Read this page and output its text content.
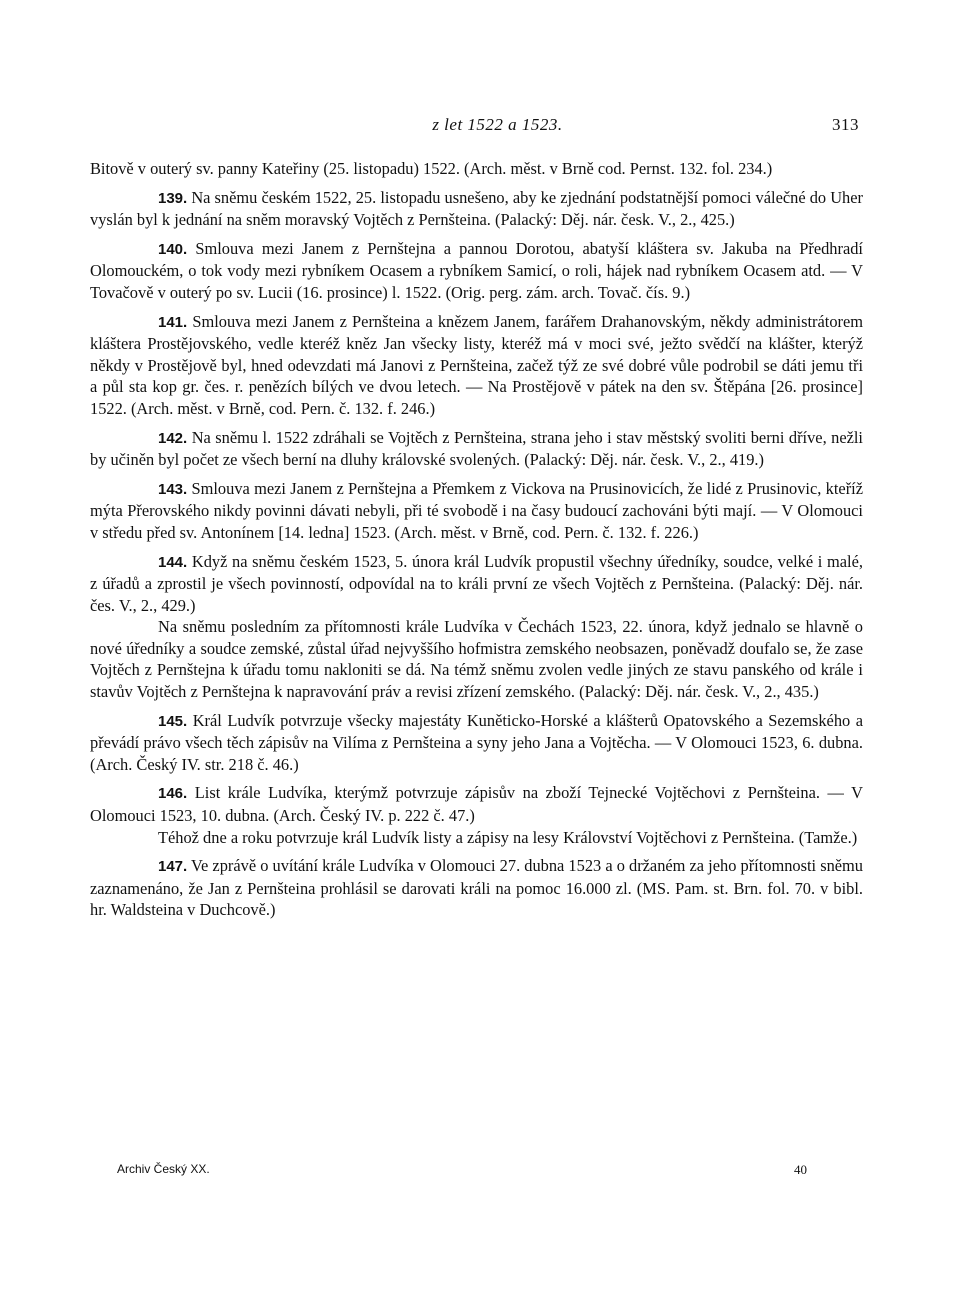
z let 1522 a 1523.	313

Bitově v outerý sv. panny Kateřiny (25. listopadu) 1522. (Arch. měst. v Brně cod. Pernst. 132. fol. 234.)

139. Na sněmu českém 1522, 25. listopadu usnešeno, aby ke zjednání podstatnější pomoci válečné do Uher vyslán byl k jednání na sněm moravský Vojtěch z Pernšteina. (Palacký: Děj. nár. česk. V., 2., 425.)

140. Smlouva mezi Janem z Pernštejna a pannou Dorotou, abatyší kláštera sv. Jakuba na Předhradí Olomouckém, o tok vody mezi rybníkem Ocasem a rybníkem Samicí, o roli, hájek nad rybníkem Ocasem atd. — V Tovačově v outerý po sv. Lucii (16. prosince) l. 1522. (Orig. perg. zám. arch. Tovač. čís. 9.)

141. Smlouva mezi Janem z Pernšteina a knězem Janem, farářem Drahanovským, někdy administrátorem kláštera Prostějovského, vedle kteréž kněz Jan všecky listy, kteréž má v moci své, ježto svědčí na klášter, kterýž někdy v Prostějově byl, hned odevzdati má Janovi z Pernšteina, začež týž ze své dobré vůle podrobil se dáti jemu tři a půl sta kop gr. čes. r. penězích bílých ve dvou letech. — Na Prostějově v pátek na den sv. Štěpána [26. prosince] 1522. (Arch. měst. v Brně, cod. Pern. č. 132. f. 246.)

142. Na sněmu l. 1522 zdráhali se Vojtěch z Pernšteina, strana jeho i stav městský svoliti berni dříve, nežli by učiněn byl počet ze všech berní na dluhy královské svolených. (Palacký: Děj. nár. česk. V., 2., 419.)

143. Smlouva mezi Janem z Pernštejna a Přemkem z Vickova na Prusinovicích, že lidé z Prusinovic, kteříž mýta Přerovského nikdy povinni dávati nebyli, při té svobodě i na časy budoucí zachováni býti mají. — V Olomouci v středu před sv. Antonínem [14. ledna] 1523. (Arch. měst. v Brně, cod. Pern. č. 132. f. 226.)

144. Když na sněmu českém 1523, 5. února král Ludvík propustil všechny úředníky, soudce, velké i malé, z úřadů a zprostil je všech povinností, odpovídal na to králi první ze všech Vojtěch z Pernšteina. (Palacký: Děj. nár. čes. V., 2., 429.)

Na sněmu posledním za přítomnosti krále Ludvíka v Čechách 1523, 22. února, když jednalo se hlavně o nové úředníky a soudce zemské, zůstal úřad nejvyššího hofmistra zemského neobsazen, poněvadž doufalo se, že zase Vojtěch z Pernštejna k úřadu tomu nakloniti se dá. Na témž sněmu zvolen vedle jiných ze stavu panského od krále i stavův Vojtěch z Pernštejna k napravování práv a revisi zřízení zemského. (Palacký: Děj. nár. česk. V., 2., 435.)

145. Král Ludvík potvrzuje všecky majestáty Kuněticko-Horské a klášterů Opatovského a Sezemského a převádí právo všech těch zápisův na Vilíma z Pernšteina a syny jeho Jana a Vojtěcha. — V Olomouci 1523, 6. dubna. (Arch. Český IV. str. 218 č. 46.)

146. List krále Ludvíka, kterýmž potvrzuje zápisův na zboží Tejnecké Vojtěchovi z Pernšteina. — V Olomouci 1523, 10. dubna. (Arch. Český IV. p. 222 č. 47.)

Téhož dne a roku potvrzuje král Ludvík listy a zápisy na lesy Království Vojtěchovi z Pernšteina. (Tamže.)

147. Ve zprávě o uvítání krále Ludvíka v Olomouci 27. dubna 1523 a o držaném za jeho přítomnosti sněmu zaznamenáno, že Jan z Pernšteina prohlásil se darovati králi na pomoc 16.000 zl. (MS. Pam. st. Brn. fol. 70. v bibl. hr. Waldsteina v Duchcově.)

Archiv Český XX.	40
